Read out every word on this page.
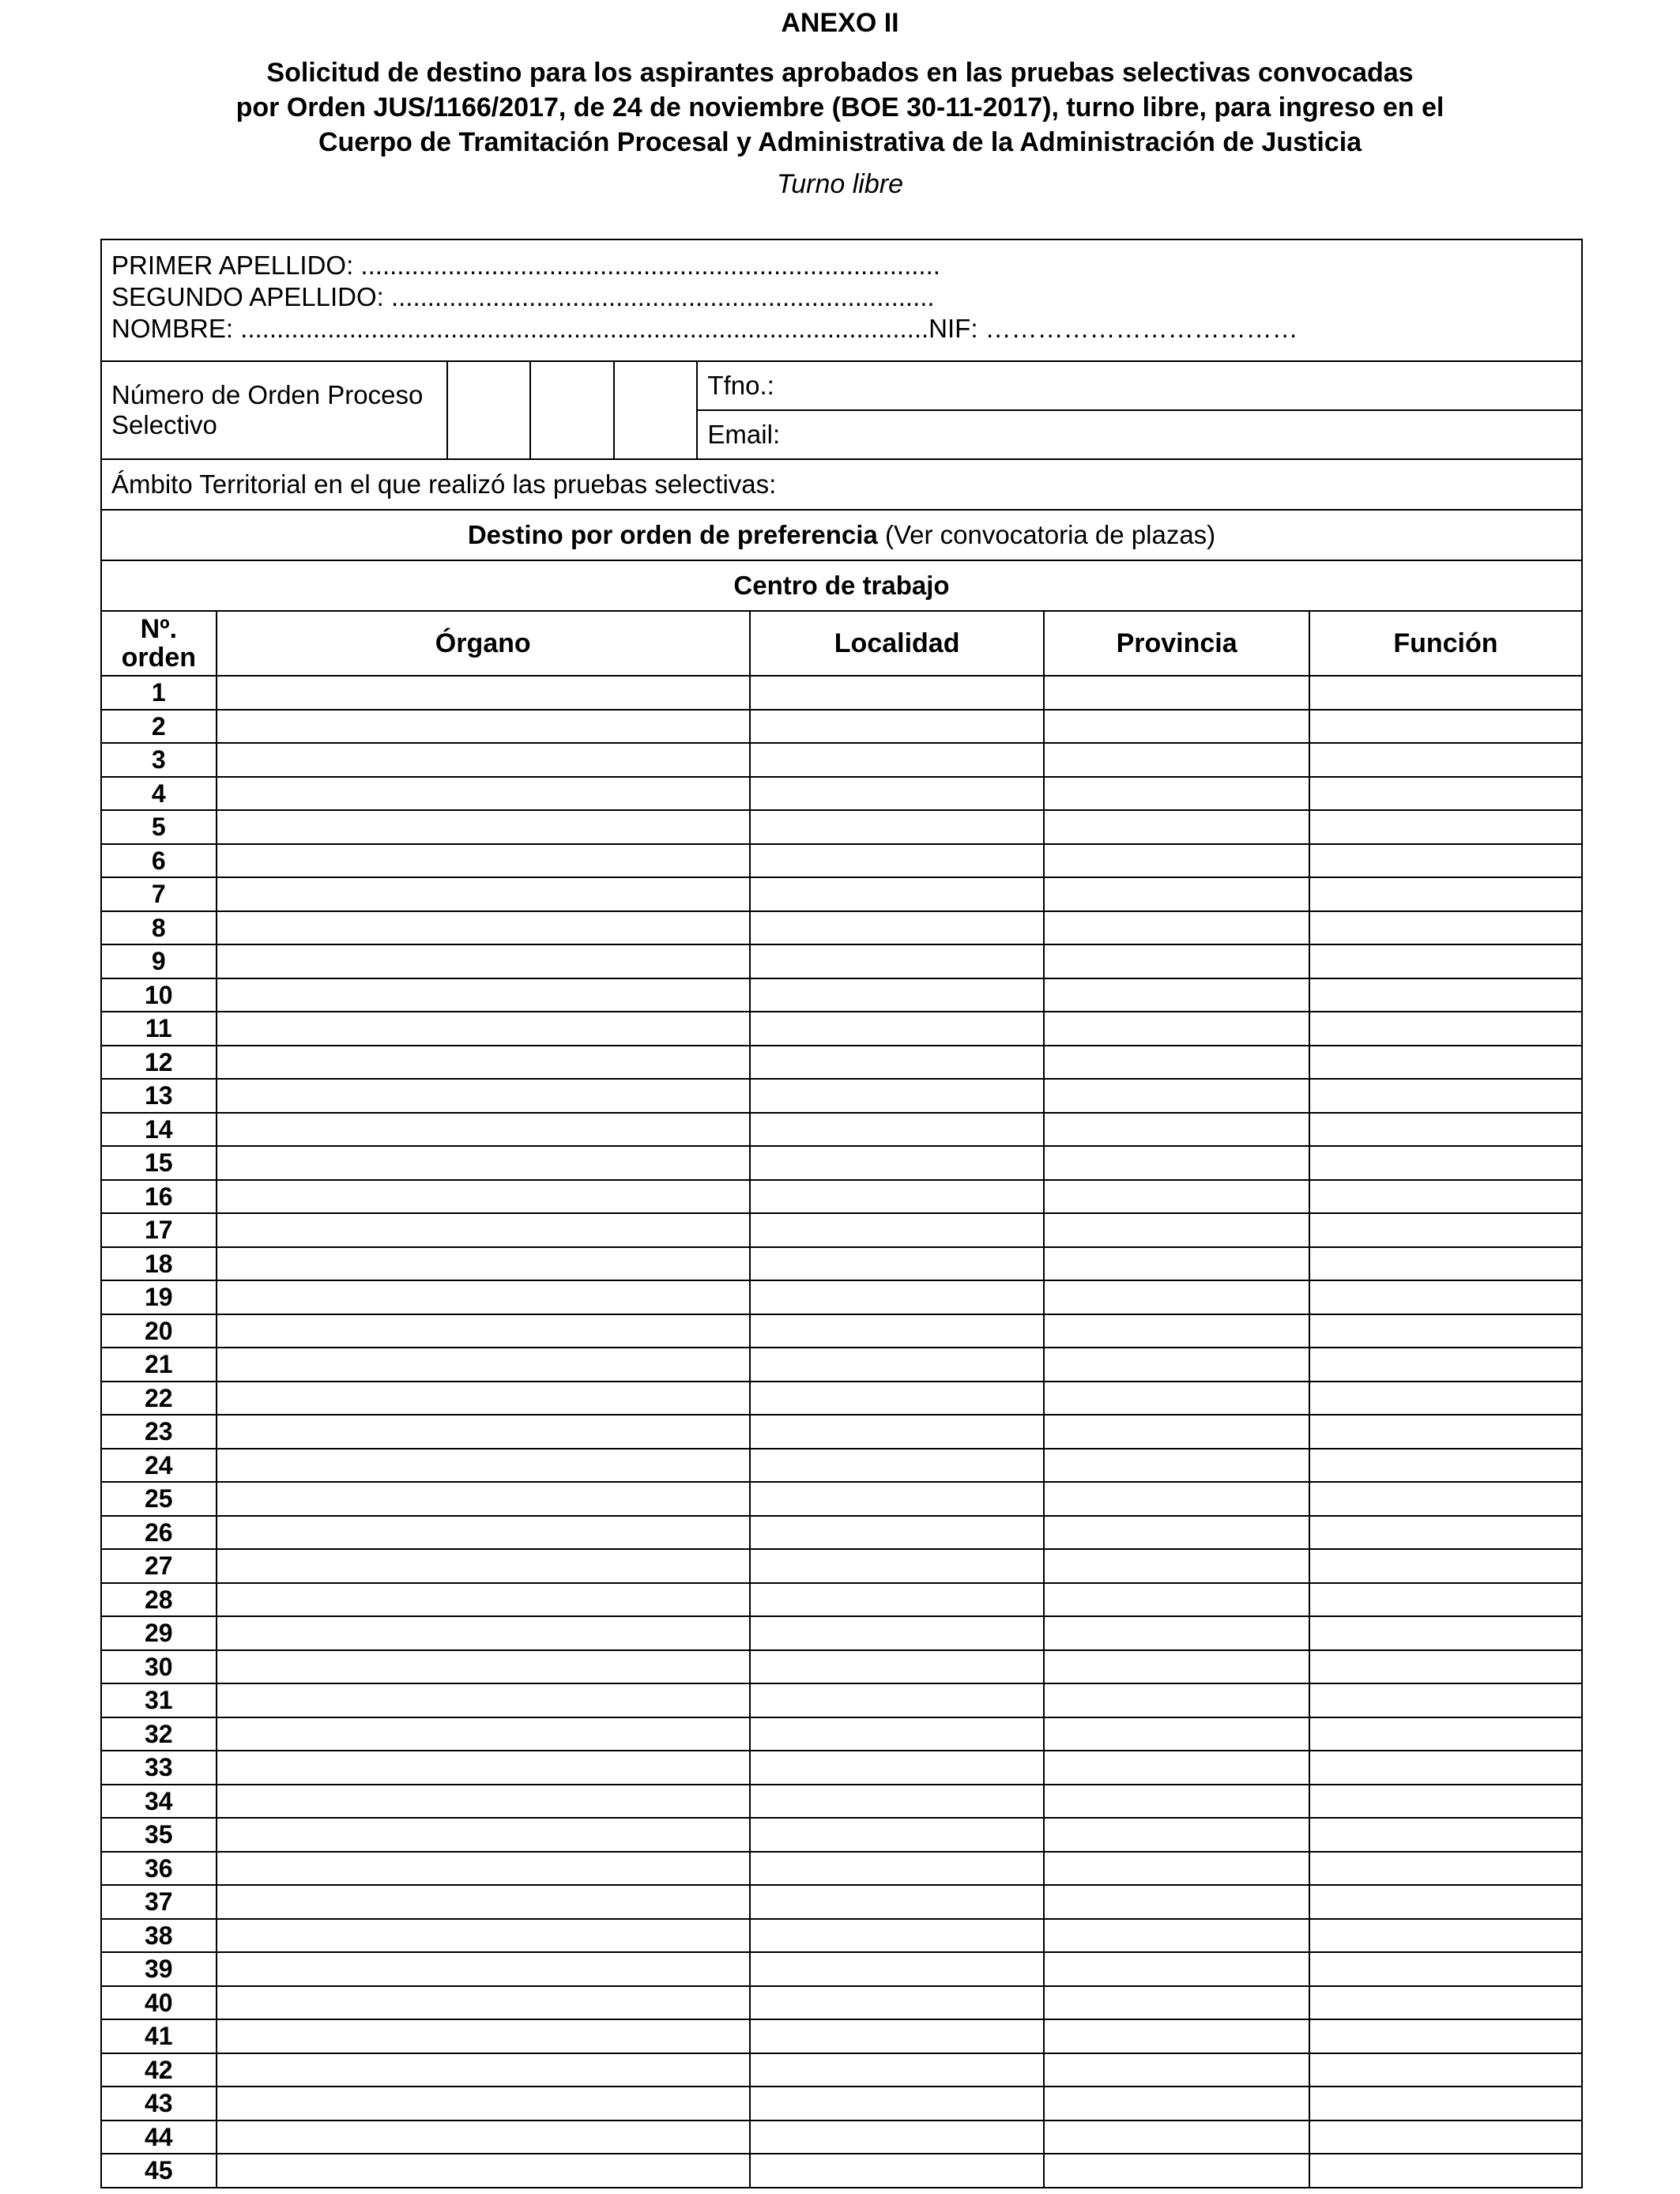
ANEXO II
Solicitud de destino para los aspirantes aprobados en las pruebas selectivas convocadas
por Orden JUS/1166/2017, de 24 de noviembre (BOE 30-11-2017), turno libre, para ingreso en el
Cuerpo de Tramitación Procesal y Administrativa de la Administración de Justicia
Turno libre
PRIMER APELLIDO: ................................................................................
SEGUNDO APELLIDO: ...........................................................................
NOMBRE: ...............................................................................................NIF: ………………………………								

Número de Orden Proceso Selectivo					Tfno.:			
					Email:			
Ámbito Territorial en el que realizó las pruebas selectivas:								
Destino por orden de preferencia (Ver convocatoria de plazas)								
Centro de trabajo								
Nº.
orden	Órgano					Localidad	Provincia	Función
1								
2								
3								
4								
5								
6								
7								
8								
9								
10								
11								
12								
13								
14								
15								
16								
17								
18								
19								
20								
21								
22								
23								
24								
25								
26								
27								
28								
29								
30								
31								
32								
33								
34								
35								
36								
37								
38								
39								
40								
41								
42								
43								
44								
45								
